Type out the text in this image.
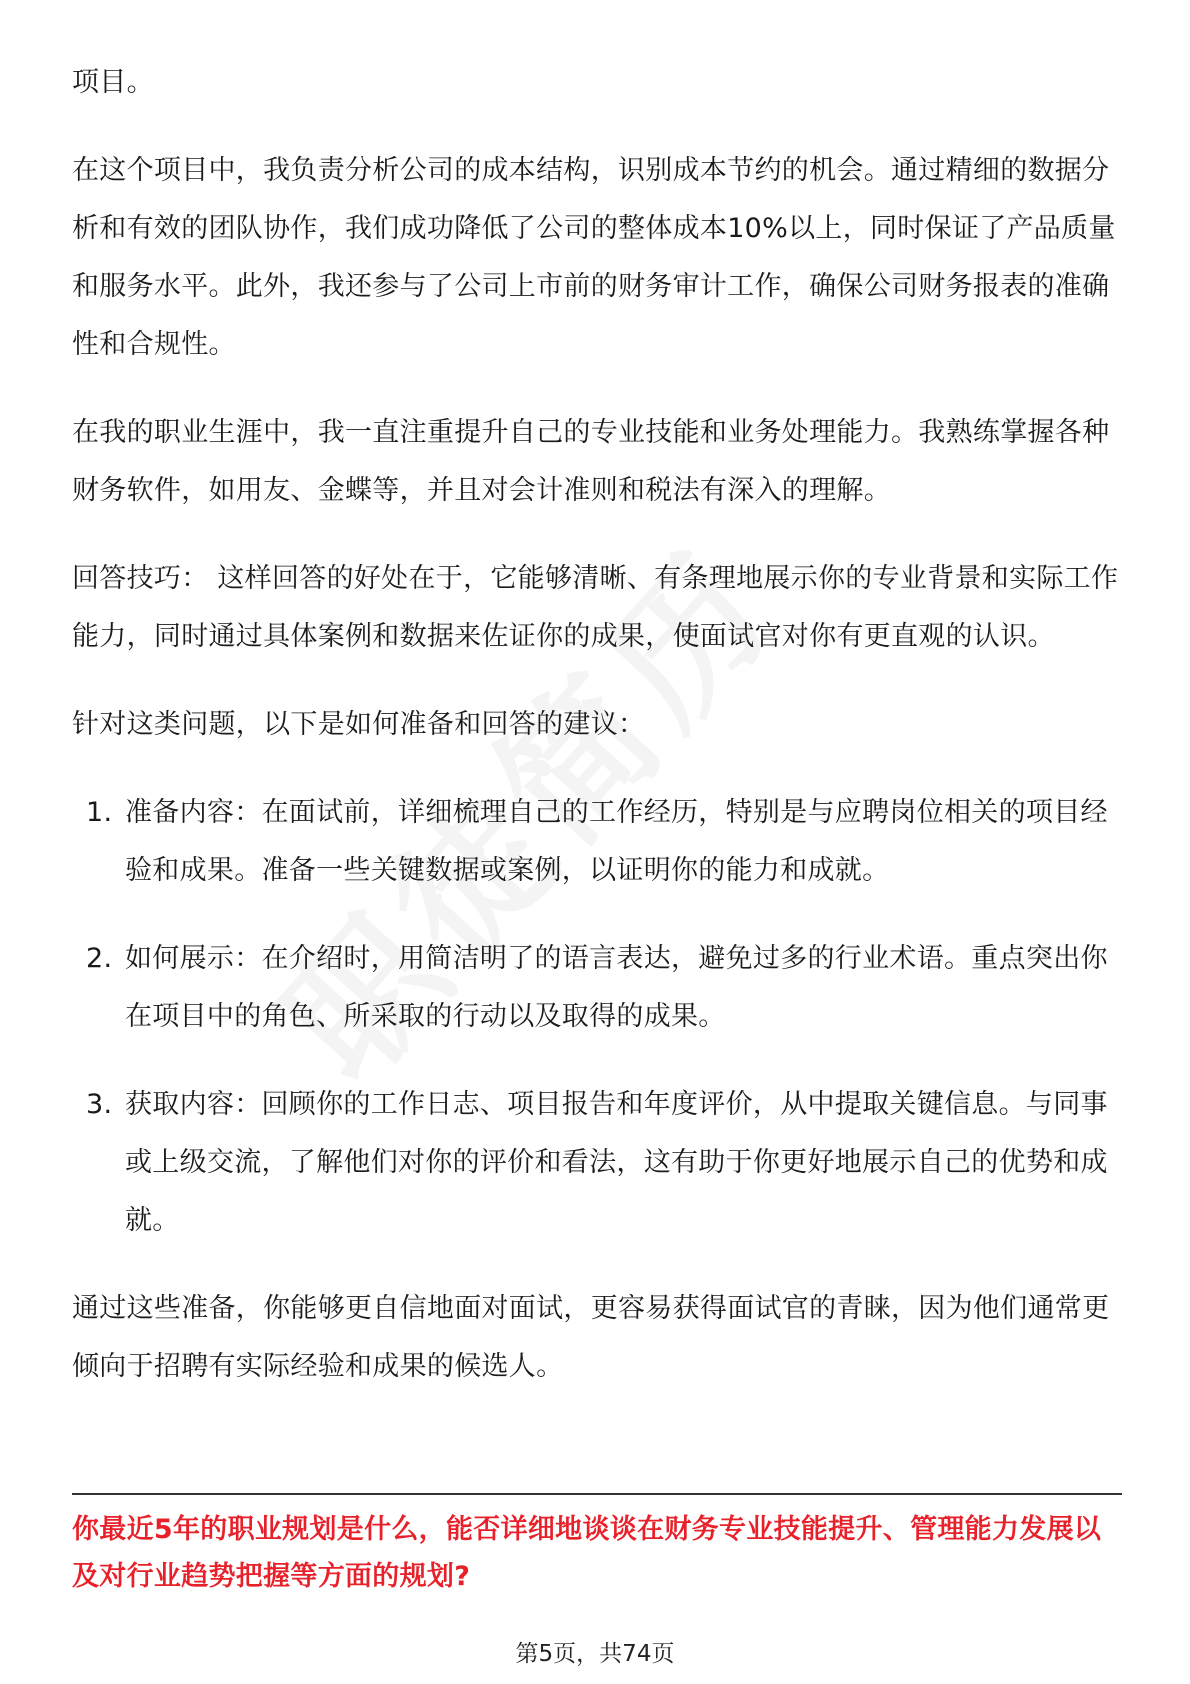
项目。

在这个项目中，我负责分析公司的成本结构，识别成本节约的机会。通过精细的数据分析和有效的团队协作，我们成功降低了公司的整体成本10%以上，同时保证了产品质量和服务水平。此外，我还参与了公司上市前的财务审计工作，确保公司财务报表的准确性和合规性。

在我的职业生涯中，我一直注重提升自己的专业技能和业务处理能力。我熟练掌握各种财务软件，如用友、金蝶等，并且对会计准则和税法有深入的理解。

回答技巧： 这样回答的好处在于，它能够清晰、有条理地展示你的专业背景和实际工作能力，同时通过具体案例和数据来佐证你的成果，使面试官对你有更直观的认识。

针对这类问题，以下是如何准备和回答的建议：

1. 准备内容：在面试前，详细梳理自己的工作经历，特别是与应聘岗位相关的项目经验和成果。准备一些关键数据或案例，以证明你的能力和成就。
2. 如何展示：在介绍时，用简洁明了的语言表达，避免过多的行业术语。重点突出你在项目中的角色、所采取的行动以及取得的成果。
3. 获取内容：回顾你的工作日志、项目报告和年度评价，从中提取关键信息。与同事或上级交流，了解他们对你的评价和看法，这有助于你更好地展示自己的优势和成就。

通过这些准备，你能够更自信地面对面试，更容易获得面试官的青睐，因为他们通常更倾向于招聘有实际经验和成果的候选人。

你最近5年的职业规划是什么，能否详细地谈谈在财务专业技能提升、管理能力发展以及对行业趋势把握等方面的规划?
第5页，共74页
